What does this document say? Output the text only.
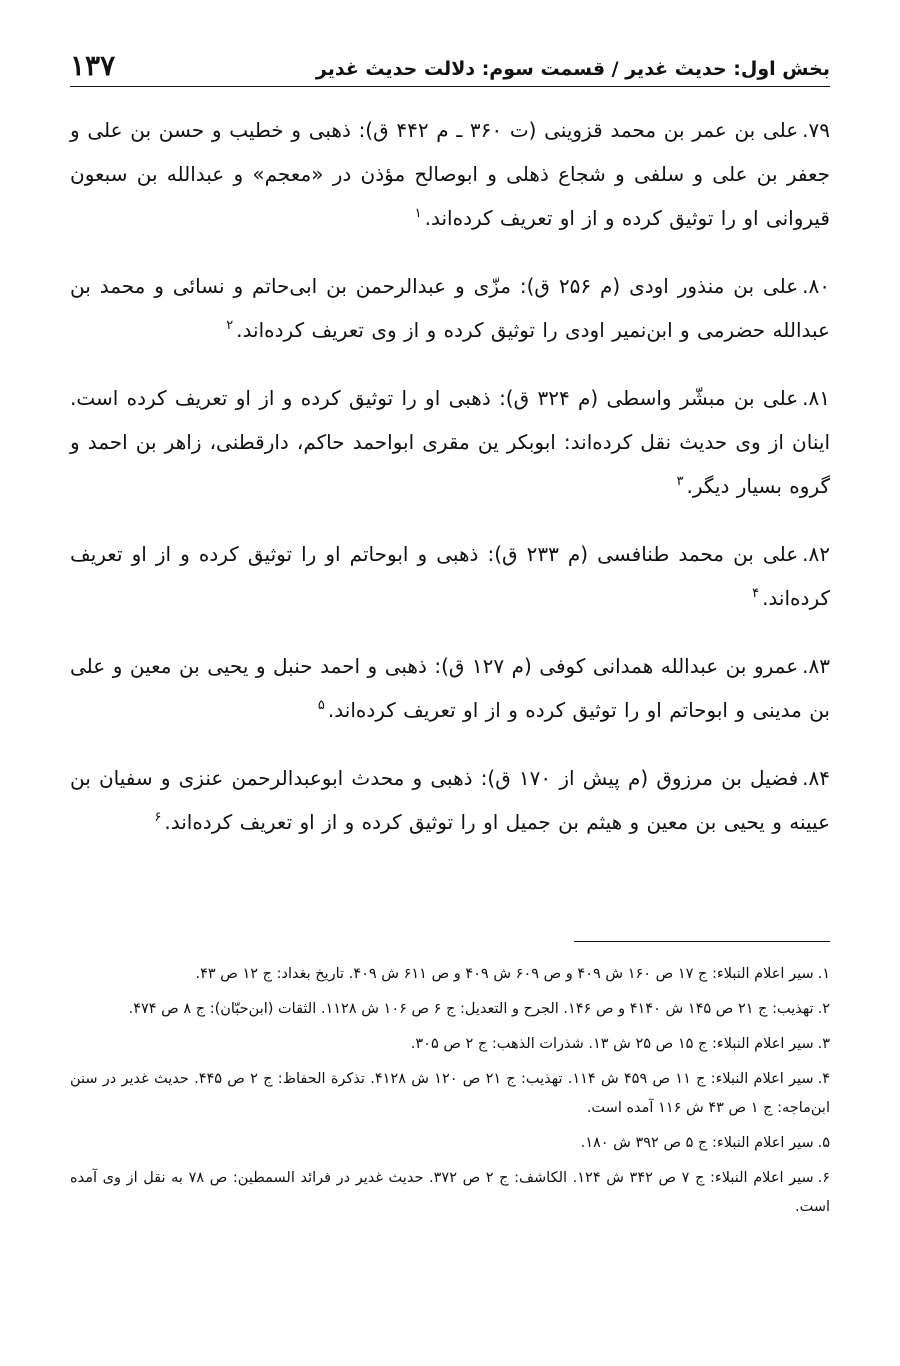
بخش اول: حدیث غدیر / قسمت سوم: دلالت حدیث غدیر
۱۳۷

۷۹.علی بن عمر بن محمد قزوینی (ت ۳۶۰ ـ م ۴۴۲ ق): ذهبی و خطیب و حسن بن علی و جعفر بن علی و سلفی و شجاع ذهلی و ابوصالح مؤذن در «معجم» و عبدالله بن سبعون قیروانی او را توثیق کرده و از او تعریف کرده‌اند.$^۱$

۸۰.علی بن منذور اودی (م ۲۵۶ ق): مزّی و عبدالرحمن بن ابی‌حاتم و نسائی و محمد بن عبدالله حضرمی و ابن‌نمیر اودی را توثیق کرده و از وی تعریف کرده‌اند.$^۲$

۸۱.علی بن مبشّر واسطی (م ۳۲۴ ق): ذهبی او را توثیق کرده و از او تعریف کرده است. اینان از وی حدیث نقل کرده‌اند: ابوبکر ین مقری ابواحمد حاکم، دارقطنی، زاهر بن احمد و گروه بسیار دیگر.$^۳$

۸۲.علی بن محمد طنافسی (م ۲۳۳ ق): ذهبی و ابوحاتم او را توثیق کرده و از او تعریف کرده‌اند.$^۴$

۸۳.عمرو بن عبدالله همدانی کوفی (م ۱۲۷ ق): ذهبی و احمد حنبل و یحیی بن معین و علی بن مدینی و ابوحاتم او را توثیق کرده و از او تعریف کرده‌اند.$^۵$

۸۴.فضیل بن مرزوق (م پیش از ۱۷۰ ق): ذهبی و محدث ابوعبدالرحمن عنزی و سفیان بن عیینه و یحیی بن معین و هیثم بن جمیل او را توثیق کرده و از او تعریف کرده‌اند.$^۶$

۱.سیر اعلام النبلاء: ج ۱۷ ص ۱۶۰ ش ۴۰۹ و ص ۶۰۹ ش ۴۰۹ و ص ۶۱۱ ش ۴۰۹. تاریخ بغداد: ج ۱۲ ص ۴۳.

۲.تهذیب: ج ۲۱ ص ۱۴۵ ش ۴۱۴۰ و ص ۱۴۶. الجرح و التعدیل: ج ۶ ص ۱۰۶ ش ۱۱۲۸. الثقات (ابن‌حبّان): ج ۸ ص ۴۷۴.

۳.سیر اعلام النبلاء: ج ۱۵ ص ۲۵ ش ۱۳. شذرات الذهب: ج ۲ ص ۳۰۵.

۴.سیر اعلام النبلاء: ج ۱۱ ص ۴۵۹ ش ۱۱۴. تهذیب: ج ۲۱ ص ۱۲۰ ش ۴۱۲۸. تذکرة الحفاظ: ج ۲ ص ۴۴۵. حدیث غدیر در سنن ابن‌ماجه: ج ۱ ص ۴۳ ش ۱۱۶ آمده است.

۵.سیر اعلام النبلاء: ج ۵ ص ۳۹۲ ش ۱۸۰.

۶.سیر اعلام النبلاء: ج ۷ ص ۳۴۲ ش ۱۲۴. الکاشف: ج ۲ ص ۳۷۲. حدیث غدیر در فرائد السمطین: ص ۷۸ به نقل از وی آمده است.
